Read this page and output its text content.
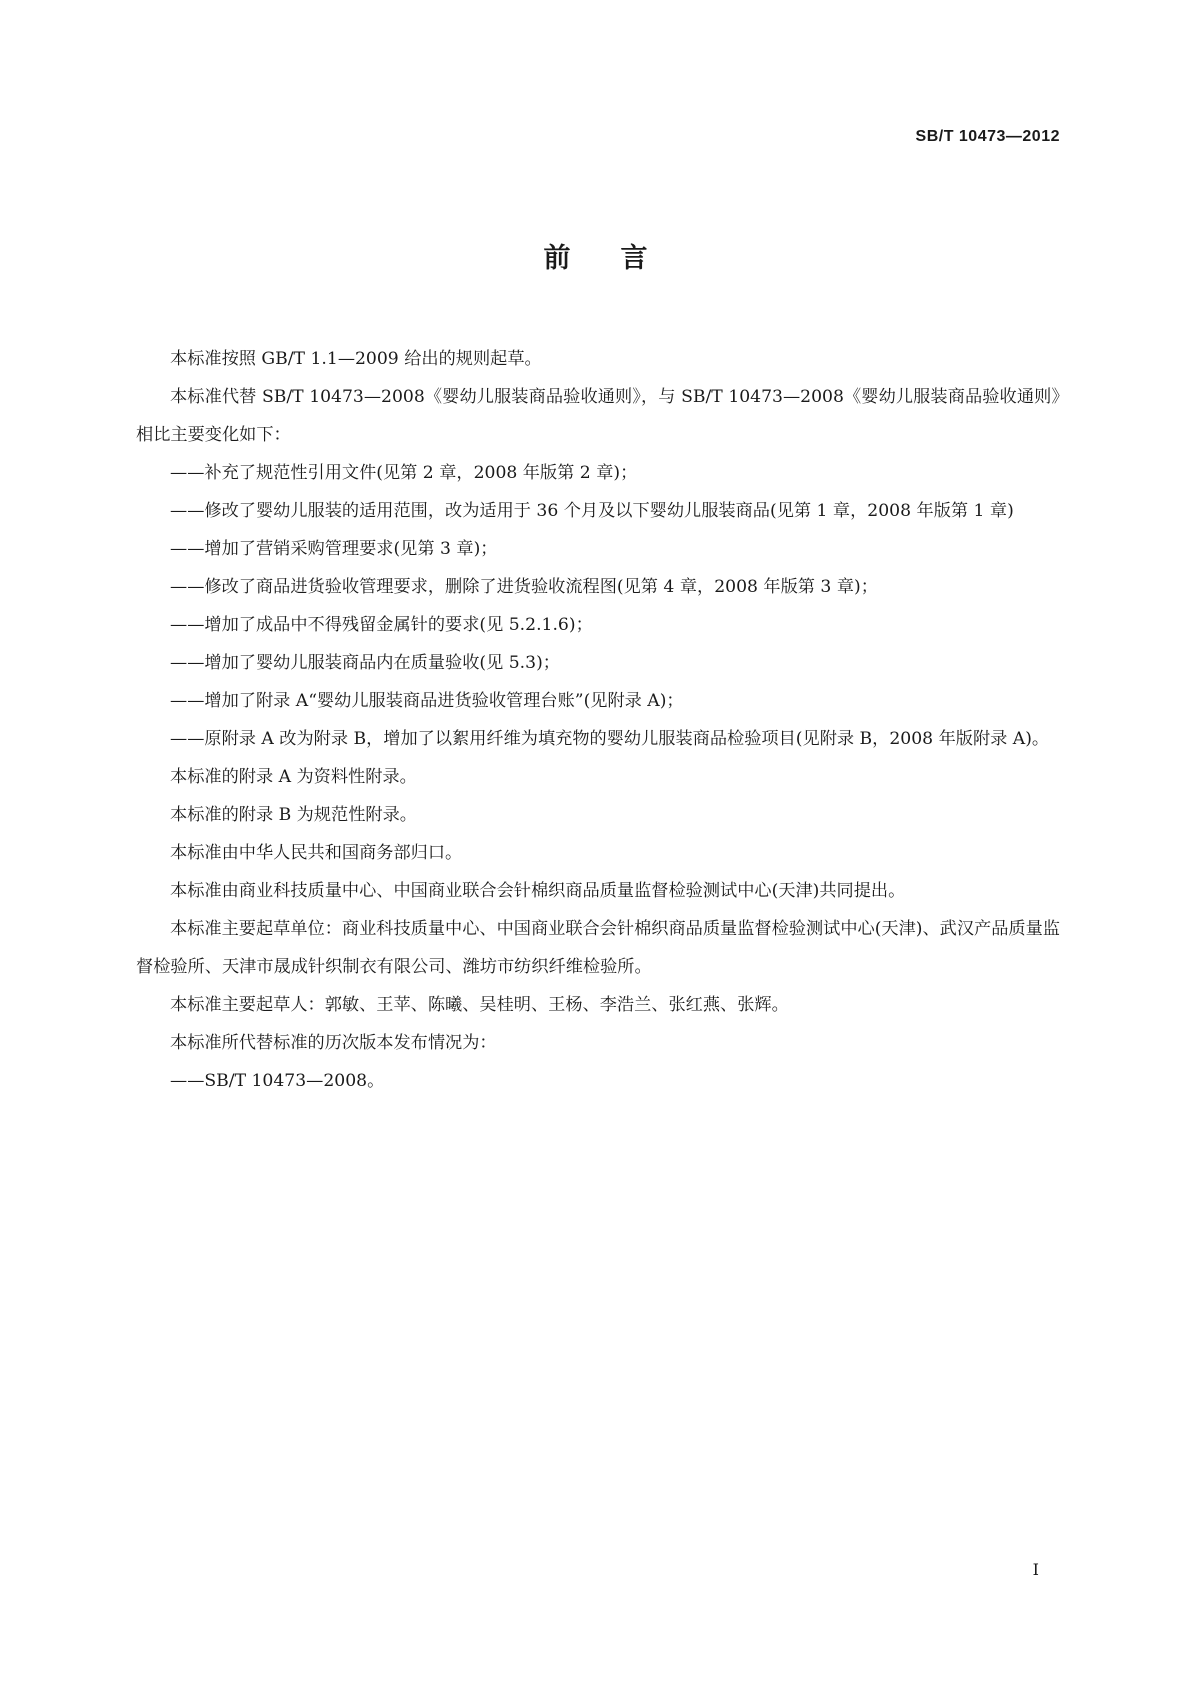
SB/T 10473—2012
前言

本标准按照 GB/T 1.1—2009 给出的规则起草。

本标准代替 SB/T 10473—2008《婴幼儿服装商品验收通则》，与 SB/T 10473—2008《婴幼儿服装商品验收通则》相比主要变化如下：

——补充了规范性引用文件(见第 2 章，2008 年版第 2 章)；

——修改了婴幼儿服装的适用范围，改为适用于 36 个月及以下婴幼儿服装商品(见第 1 章，2008 年版第 1 章)

——增加了营销采购管理要求(见第 3 章)；

——修改了商品进货验收管理要求，删除了进货验收流程图(见第 4 章，2008 年版第 3 章)；

——增加了成品中不得残留金属针的要求(见 5.2.1.6)；

——增加了婴幼儿服装商品内在质量验收(见 5.3)；

——增加了附录 A“婴幼儿服装商品进货验收管理台账”(见附录 A)；

——原附录 A 改为附录 B，增加了以絮用纤维为填充物的婴幼儿服装商品检验项目(见附录 B，2008 年版附录 A)。

本标准的附录 A 为资料性附录。

本标准的附录 B 为规范性附录。

本标准由中华人民共和国商务部归口。

本标准由商业科技质量中心、中国商业联合会针棉织商品质量监督检验测试中心(天津)共同提出。

本标准主要起草单位：商业科技质量中心、中国商业联合会针棉织商品质量监督检验测试中心(天津)、武汉产品质量监督检验所、天津市晟成针织制衣有限公司、潍坊市纺织纤维检验所。

本标准主要起草人：郭敏、王苹、陈曦、吴桂明、王杨、李浩兰、张红燕、张辉。

本标准所代替标准的历次版本发布情况为：

——SB/T 10473—2008。

I
